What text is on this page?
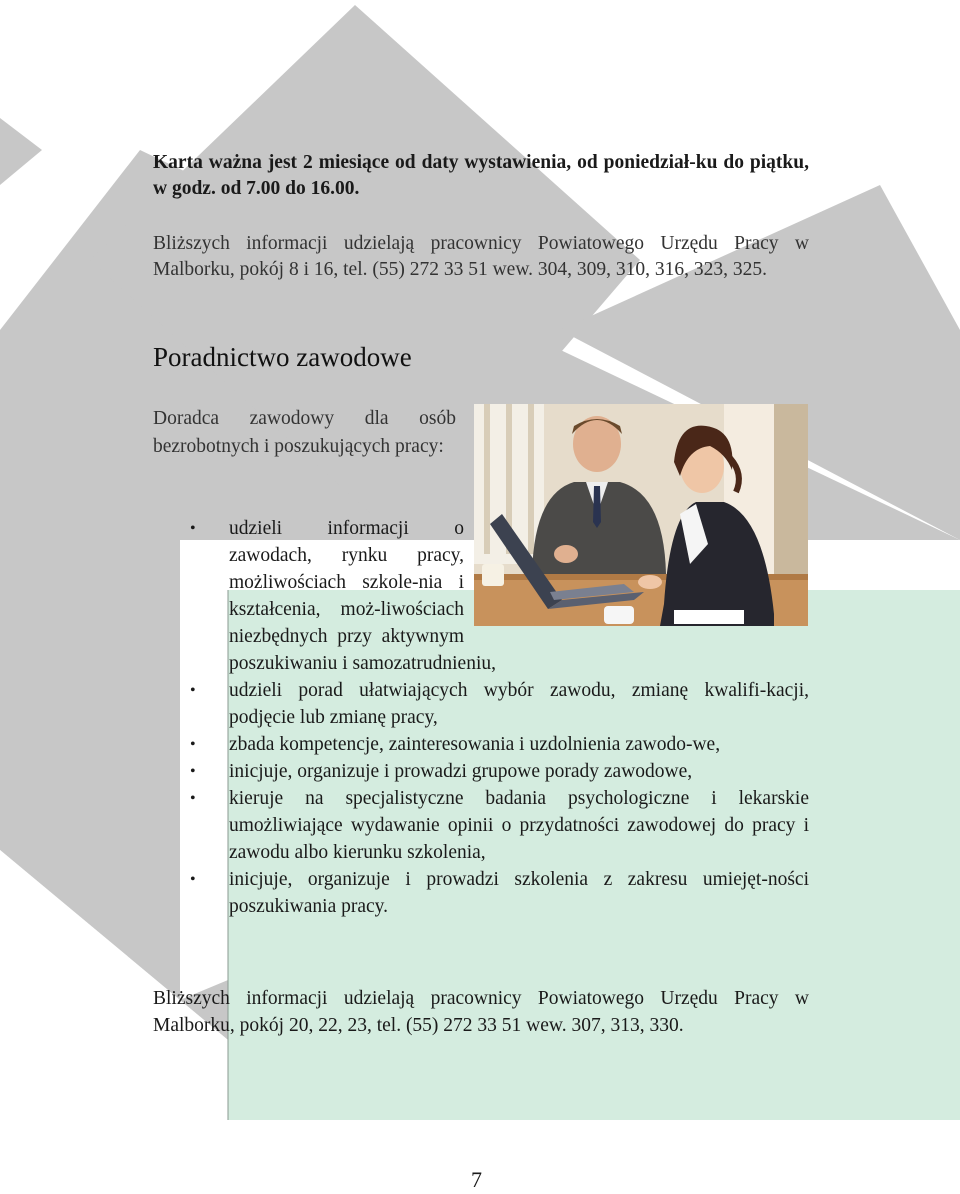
Karta ważna jest 2 miesiące od daty wystawienia, od poniedział-ku do piątku, w godz. od 7.00 do 16.00.

Bliższych informacji udzielają pracownicy Powiatowego Urzędu Pracy w Malborku, pokój 8 i 16, tel. (55) 272 33 51 wew. 304, 309, 310, 316, 323, 325.

Poradnictwo zawodowe

Doradca zawodowy dla osób bezrobotnych i poszukujących pracy:

•	udzieli informacji o zawodach, rynku pracy, możliwościach szkole-nia i kształcenia, moż-liwościach niezbędnych przy aktywnym poszukiwaniu i samozatrudnieniu,
•	udzieli porad ułatwiających wybór zawodu, zmianę kwalifi-kacji, podjęcie lub zmianę pracy,
•	zbada kompetencje, zainteresowania i uzdolnienia zawodo-we,
•	inicjuje, organizuje i prowadzi grupowe porady zawodowe,
•	kieruje na specjalistyczne badania psychologiczne i lekarskie umożliwiające wydawanie opinii o przydatności zawodowej do pracy i zawodu albo kierunku szkolenia,
•	inicjuje, organizuje i prowadzi szkolenia z zakresu umiejęt-ności poszukiwania pracy.

Bliższych informacji udzielają pracownicy Powiatowego Urzędu Pracy w Malborku, pokój 20, 22, 23, tel. (55) 272 33 51 wew. 307, 313, 330.

7
